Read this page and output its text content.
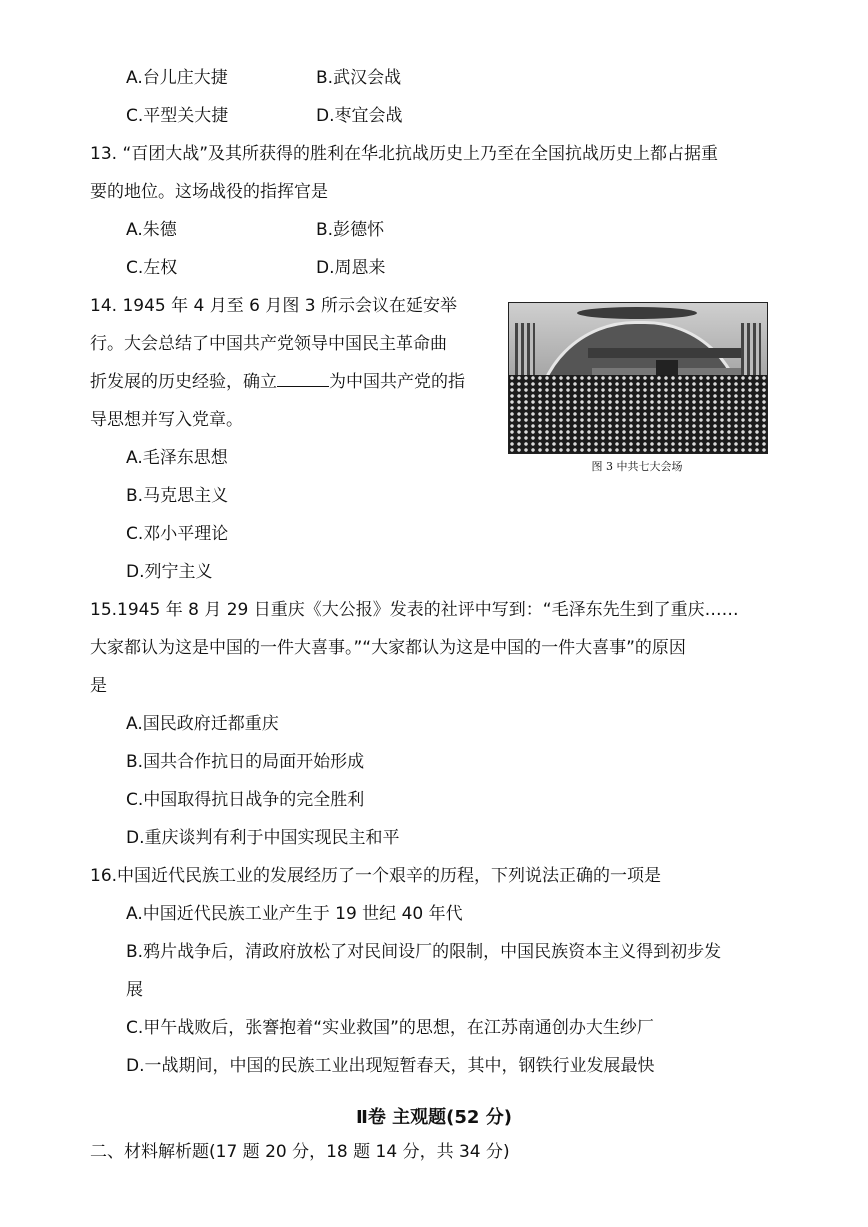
A.台儿庄大捷	B.武汉会战
C.平型关大捷	D.枣宜会战
13. “百团大战”及其所获得的胜利在华北抗战历史上乃至在全国抗战历史上都占据重
要的地位。这场战役的指挥官是
A.朱德	B.彭德怀
C.左权	D.周恩来
14. 1945 年 4 月至 6 月图 3 所示会议在延安举
行。大会总结了中国共产党领导中国民主革命曲
折发展的历史经验，确立	为中国共产党的指
导思想并写入党章。
A.毛泽东思想
B.马克思主义
C.邓小平理论
D.列宁主义
图 3 中共七大会场
15.1945 年 8 月 29 日重庆《大公报》发表的社评中写到：“毛泽东先生到了重庆……
大家都认为这是中国的一件大喜事。”“大家都认为这是中国的一件大喜事”的原因
是
A.国民政府迁都重庆
B.国共合作抗日的局面开始形成
C.中国取得抗日战争的完全胜利
D.重庆谈判有利于中国实现民主和平
16.中国近代民族工业的发展经历了一个艰辛的历程，下列说法正确的一项是
A.中国近代民族工业产生于 19 世纪 40 年代
B.鸦片战争后，清政府放松了对民间设厂的限制，中国民族资本主义得到初步发
展
C.甲午战败后，张謇抱着“实业救国”的思想，在江苏南通创办大生纱厂
D.一战期间，中国的民族工业出现短暂春天，其中，钢铁行业发展最快
Ⅱ卷 主观题(52 分)
二、材料解析题(17 题 20 分，18 题 14 分，共 34 分)
